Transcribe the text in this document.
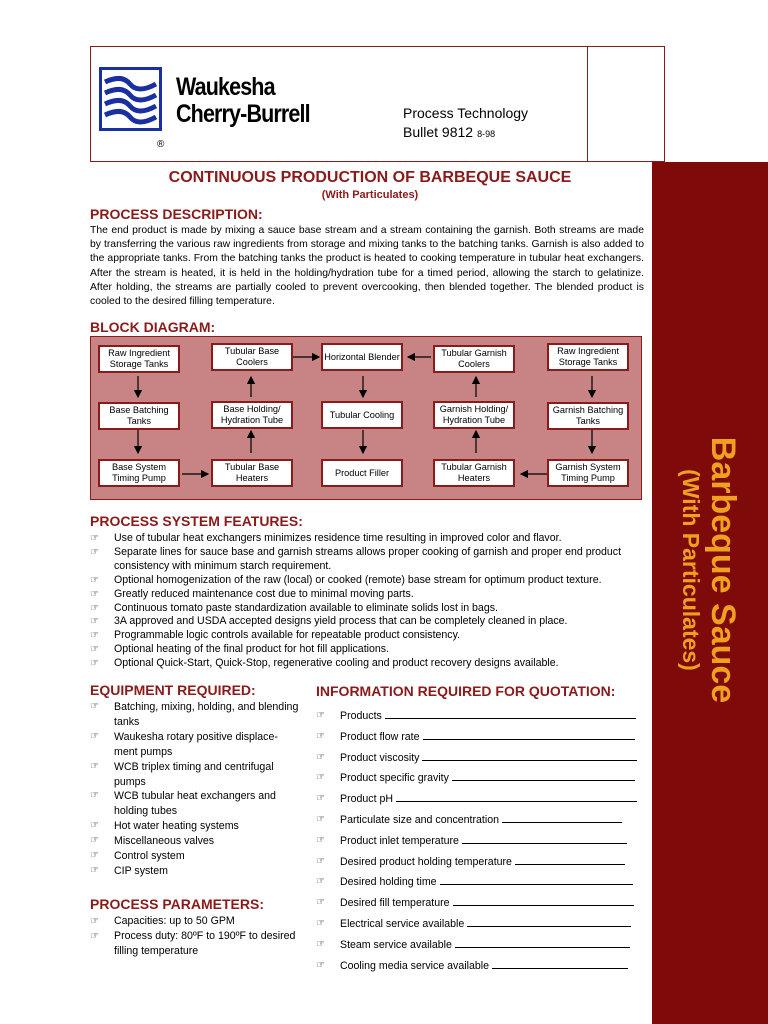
Waukesha
Cherry-Burrell
®
Process Technology
Bullet 9812 8-98
Barbeque Sauce
(With Particulates)
CONTINUOUS PRODUCTION OF BARBEQUE SAUCE
(With Particulates)
PROCESS DESCRIPTION:
The end product is made by mixing a sauce base stream and a stream containing the garnish. Both streams are made by transferring the various raw ingredients from storage and mixing tanks to the batching tanks. Garnish is also added to the appropriate tanks. From the batching tanks the product is heated to cooking temperature in tubular heat exchangers. After the stream is heated, it is held in the holding/hydration tube for a timed period, allowing the starch to gelatinize. After holding, the streams are partially cooled to prevent overcooking, then blended together. The blended product is cooled to the desired filling temperature.
BLOCK DIAGRAM:
Raw Ingredient Storage Tanks
Tubular Base Coolers
Horizontal Blender	Tubular Garnish Coolers
Raw Ingredient Storage Tanks
Base Batching Tanks
Base Holding/ Hydration Tube
Tubular Cooling
Garnish Holding/ Hydration Tube
Garnish Batching Tanks
Base System Timing Pump
Tubular Base Heaters
Product Filler
Tubular Garnish Heaters
Garnish System Timing Pump
PROCESS SYSTEM FEATURES:
☞ Use of tubular heat exchangers minimizes residence time resulting in improved color and flavor.
☞ Separate lines for sauce base and garnish streams allows proper cooking of garnish and proper end product consistency with minimum starch requirement.
☞ Optional homogenization of the raw (local) or cooked (remote) base stream for optimum product texture.
☞ Greatly reduced maintenance cost due to minimal moving parts.
☞ Continuous tomato paste standardization available to eliminate solids lost in bags.
☞ 3A approved and USDA accepted designs yield process that can be completely cleaned in place.
☞ Programmable logic controls available for repeatable product consistency.
☞ Optional heating of the final product for hot fill applications.
☞ Optional Quick-Start, Quick-Stop, regenerative cooling and product recovery designs available.
EQUIPMENT REQUIRED:
☞ Batching, mixing, holding, and blending tanks
☞ Waukesha rotary positive displace-ment pumps
☞ WCB triplex timing and centrifugal pumps
☞ WCB tubular heat exchangers and holding tubes
☞ Hot water heating systems
☞ Miscellaneous valves
☞ Control system
☞ CIP system
PROCESS PARAMETERS:
☞ Capacities: up to 50 GPM
☞ Process duty: 80ºF to 190ºF to desired filling temperature
INFORMATION REQUIRED FOR QUOTATION:
☞ Products
☞ Product flow rate
☞ Product viscosity
☞ Product specific gravity
☞ Product pH
☞ Particulate size and concentration
☞ Product inlet temperature
☞ Desired product holding temperature
☞ Desired holding time
☞ Desired fill temperature
☞ Electrical service available
☞ Steam service available
☞ Cooling media service available
